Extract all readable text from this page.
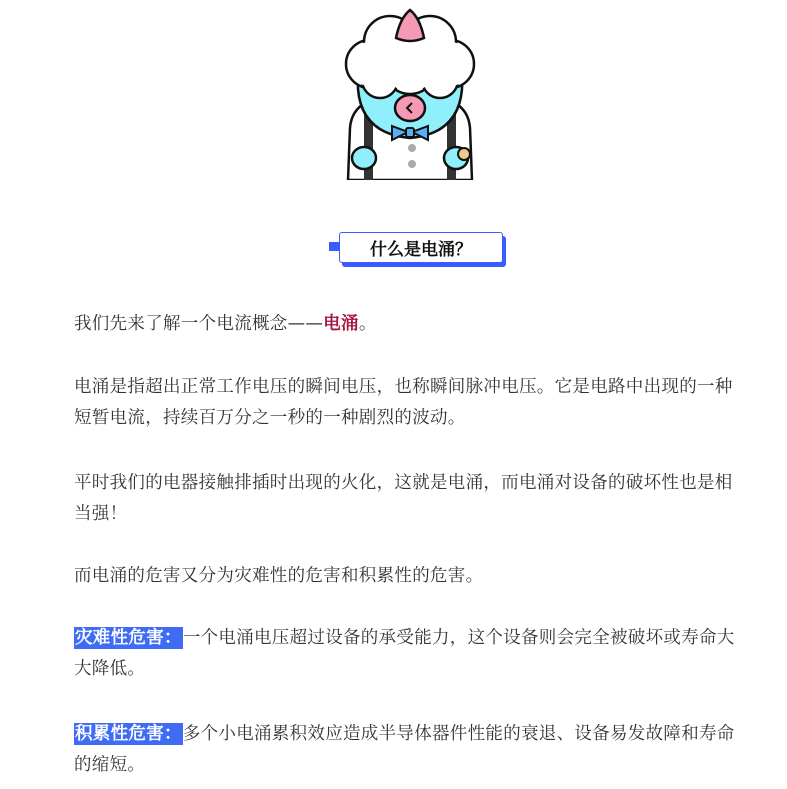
什么是电涌？

我们先来了解一个电流概念——电涌。

电涌是指超出正常工作电压的瞬间电压，也称瞬间脉冲电压。它是电路中出现的一种短暂电流，持续百万分之一秒的一种剧烈的波动。

平时我们的电器接触排插时出现的火化，这就是电涌，而电涌对设备的破坏性也是相当强！

而电涌的危害又分为灾难性的危害和积累性的危害。

灾难性危害：一个电涌电压超过设备的承受能力，这个设备则会完全被破坏或寿命大大降低。

积累性危害：多个小电涌累积效应造成半导体器件性能的衰退、设备易发故障和寿命的缩短。
